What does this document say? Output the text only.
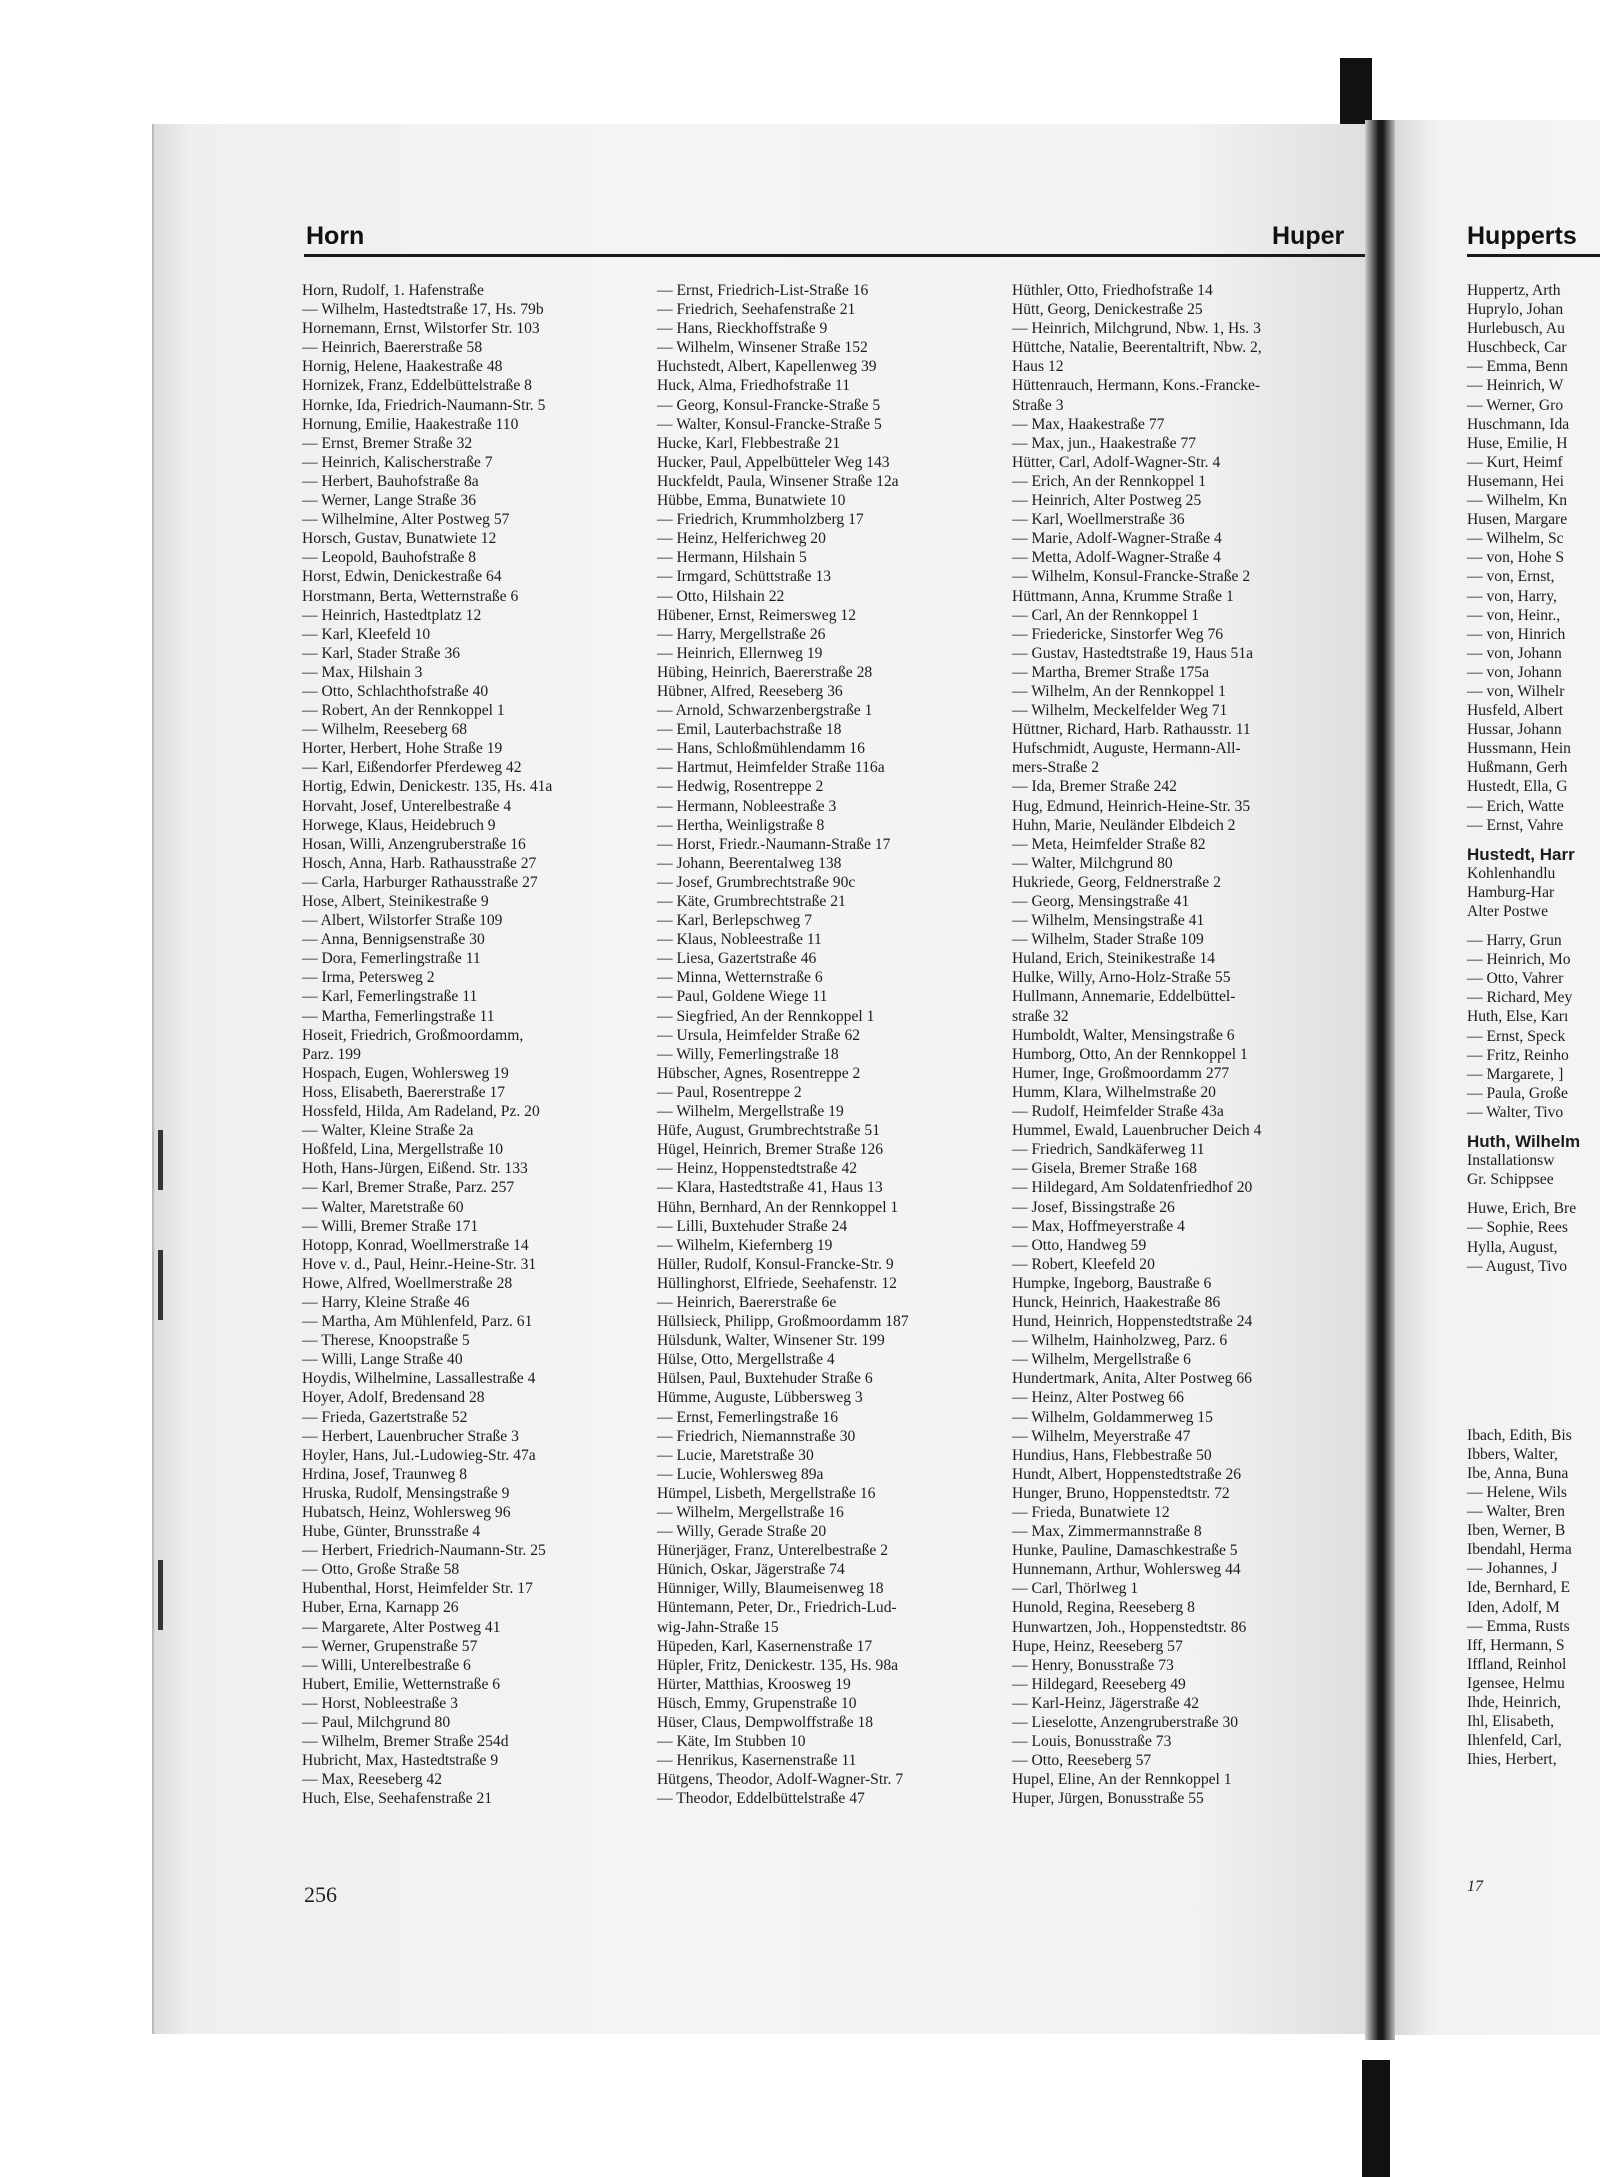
Horn	Huper
Horn, Rudolf, 1. Hafenstraße
— Wilhelm, Hastedtstraße 17, Hs. 79b
Hornemann, Ernst, Wilstorfer Str. 103
— Heinrich, Baererstraße 58
Hornig, Helene, Haakestraße 48
Hornizek, Franz, Eddelbüttelstraße 8
Hornke, Ida, Friedrich-Naumann-Str. 5
Hornung, Emilie, Haakestraße 110
— Ernst, Bremer Straße 32
— Heinrich, Kalischerstraße 7
— Herbert, Bauhofstraße 8a
— Werner, Lange Straße 36
— Wilhelmine, Alter Postweg 57
Horsch, Gustav, Bunatwiete 12
— Leopold, Bauhofstraße 8
Horst, Edwin, Denickestraße 64
Horstmann, Berta, Wetternstraße 6
— Heinrich, Hastedtplatz 12
— Karl, Kleefeld 10
— Karl, Stader Straße 36
— Max, Hilshain 3
— Otto, Schlachthofstraße 40
— Robert, An der Rennkoppel 1
— Wilhelm, Reeseberg 68
Horter, Herbert, Hohe Straße 19
— Karl, Eißendorfer Pferdeweg 42
Hortig, Edwin, Denickestr. 135, Hs. 41a
Horvaht, Josef, Unterelbestraße 4
Horwege, Klaus, Heidebruch 9
Hosan, Willi, Anzengruberstraße 16
Hosch, Anna, Harb. Rathausstraße 27
— Carla, Harburger Rathausstraße 27
Hose, Albert, Steinikestraße 9
— Albert, Wilstorfer Straße 109
— Anna, Bennigsenstraße 30
— Dora, Femerlingstraße 11
— Irma, Petersweg 2
— Karl, Femerlingstraße 11
— Martha, Femerlingstraße 11
Hoseit, Friedrich, Großmoordamm,
Parz. 199
Hospach, Eugen, Wohlersweg 19
Hoss, Elisabeth, Baererstraße 17
Hossfeld, Hilda, Am Radeland, Pz. 20
— Walter, Kleine Straße 2a
Hoßfeld, Lina, Mergellstraße 10
Hoth, Hans-Jürgen, Eißend. Str. 133
— Karl, Bremer Straße, Parz. 257
— Walter, Maretstraße 60
— Willi, Bremer Straße 171
Hotopp, Konrad, Woellmerstraße 14
Hove v. d., Paul, Heinr.-Heine-Str. 31
Howe, Alfred, Woellmerstraße 28
— Harry, Kleine Straße 46
— Martha, Am Mühlenfeld, Parz. 61
— Therese, Knoopstraße 5
— Willi, Lange Straße 40
Hoydis, Wilhelmine, Lassallestraße 4
Hoyer, Adolf, Bredensand 28
— Frieda, Gazertstraße 52
— Herbert, Lauenbrucher Straße 3
Hoyler, Hans, Jul.-Ludowieg-Str. 47a
Hrdina, Josef, Traunweg 8
Hruska, Rudolf, Mensingstraße 9
Hubatsch, Heinz, Wohlersweg 96
Hube, Günter, Brunsstraße 4
— Herbert, Friedrich-Naumann-Str. 25
— Otto, Große Straße 58
Hubenthal, Horst, Heimfelder Str. 17
Huber, Erna, Karnapp 26
— Margarete, Alter Postweg 41
— Werner, Grupenstraße 57
— Willi, Unterelbestraße 6
Hubert, Emilie, Wetternstraße 6
— Horst, Nobleestraße 3
— Paul, Milchgrund 80
— Wilhelm, Bremer Straße 254d
Hubricht, Max, Hastedtstraße 9
— Max, Reeseberg 42
Huch, Else, Seehafenstraße 21
— Ernst, Friedrich-List-Straße 16
— Friedrich, Seehafenstraße 21
— Hans, Rieckhoffstraße 9
— Wilhelm, Winsener Straße 152
Huchstedt, Albert, Kapellenweg 39
Huck, Alma, Friedhofstraße 11
— Georg, Konsul-Francke-Straße 5
— Walter, Konsul-Francke-Straße 5
Hucke, Karl, Flebbestraße 21
Hucker, Paul, Appelbütteler Weg 143
Huckfeldt, Paula, Winsener Straße 12a
Hübbe, Emma, Bunatwiete 10
— Friedrich, Krummholzberg 17
— Heinz, Helferichweg 20
— Hermann, Hilshain 5
— Irmgard, Schüttstraße 13
— Otto, Hilshain 22
Hübener, Ernst, Reimersweg 12
— Harry, Mergellstraße 26
— Heinrich, Ellernweg 19
Hübing, Heinrich, Baererstraße 28
Hübner, Alfred, Reeseberg 36
— Arnold, Schwarzenbergstraße 1
— Emil, Lauterbachstraße 18
— Hans, Schloßmühlendamm 16
— Hartmut, Heimfelder Straße 116a
— Hedwig, Rosentreppe 2
— Hermann, Nobleestraße 3
— Hertha, Weinligstraße 8
— Horst, Friedr.-Naumann-Straße 17
— Johann, Beerentalweg 138
— Josef, Grumbrechtstraße 90c
— Käte, Grumbrechtstraße 21
— Karl, Berlepschweg 7
— Klaus, Nobleestraße 11
— Liesa, Gazertstraße 46
— Minna, Wetternstraße 6
— Paul, Goldene Wiege 11
— Siegfried, An der Rennkoppel 1
— Ursula, Heimfelder Straße 62
— Willy, Femerlingstraße 18
Hübscher, Agnes, Rosentreppe 2
— Paul, Rosentreppe 2
— Wilhelm, Mergellstraße 19
Hüfe, August, Grumbrechtstraße 51
Hügel, Heinrich, Bremer Straße 126
— Heinz, Hoppenstedtstraße 42
— Klara, Hastedtstraße 41, Haus 13
Hühn, Bernhard, An der Rennkoppel 1
— Lilli, Buxtehuder Straße 24
— Wilhelm, Kiefernberg 19
Hüller, Rudolf, Konsul-Francke-Str. 9
Hüllinghorst, Elfriede, Seehafenstr. 12
— Heinrich, Baererstraße 6e
Hüllsieck, Philipp, Großmoordamm 187
Hülsdunk, Walter, Winsener Str. 199
Hülse, Otto, Mergellstraße 4
Hülsen, Paul, Buxtehuder Straße 6
Hümme, Auguste, Lübbersweg 3
— Ernst, Femerlingstraße 16
— Friedrich, Niemannstraße 30
— Lucie, Maretstraße 30
— Lucie, Wohlersweg 89a
Hümpel, Lisbeth, Mergellstraße 16
— Wilhelm, Mergellstraße 16
— Willy, Gerade Straße 20
Hünerjäger, Franz, Unterelbestraße 2
Hünich, Oskar, Jägerstraße 74
Hünniger, Willy, Blaumeisenweg 18
Hüntemann, Peter, Dr., Friedrich-Lud-
wig-Jahn-Straße 15
Hüpeden, Karl, Kasernenstraße 17
Hüpler, Fritz, Denickestr. 135, Hs. 98a
Hürter, Matthias, Kroosweg 19
Hüsch, Emmy, Grupenstraße 10
Hüser, Claus, Dempwolffstraße 18
— Käte, Im Stubben 10
— Henrikus, Kasernenstraße 11
Hütgens, Theodor, Adolf-Wagner-Str. 7
— Theodor, Eddelbüttelstraße 47
Hüthler, Otto, Friedhofstraße 14
Hütt, Georg, Denickestraße 25
— Heinrich, Milchgrund, Nbw. 1, Hs. 3
Hüttche, Natalie, Beerentaltrift, Nbw. 2,
Haus 12
Hüttenrauch, Hermann, Kons.-Francke-
Straße 3
— Max, Haakestraße 77
— Max, jun., Haakestraße 77
Hütter, Carl, Adolf-Wagner-Str. 4
— Erich, An der Rennkoppel 1
— Heinrich, Alter Postweg 25
— Karl, Woellmerstraße 36
— Marie, Adolf-Wagner-Straße 4
— Metta, Adolf-Wagner-Straße 4
— Wilhelm, Konsul-Francke-Straße 2
Hüttmann, Anna, Krumme Straße 1
— Carl, An der Rennkoppel 1
— Friedericke, Sinstorfer Weg 76
— Gustav, Hastedtstraße 19, Haus 51a
— Martha, Bremer Straße 175a
— Wilhelm, An der Rennkoppel 1
— Wilhelm, Meckelfelder Weg 71
Hüttner, Richard, Harb. Rathausstr. 11
Hufschmidt, Auguste, Hermann-All-
mers-Straße 2
— Ida, Bremer Straße 242
Hug, Edmund, Heinrich-Heine-Str. 35
Huhn, Marie, Neuländer Elbdeich 2
— Meta, Heimfelder Straße 82
— Walter, Milchgrund 80
Hukriede, Georg, Feldnerstraße 2
— Georg, Mensingstraße 41
— Wilhelm, Mensingstraße 41
— Wilhelm, Stader Straße 109
Huland, Erich, Steinikestraße 14
Hulke, Willy, Arno-Holz-Straße 55
Hullmann, Annemarie, Eddelbüttel-
straße 32
Humboldt, Walter, Mensingstraße 6
Humborg, Otto, An der Rennkoppel 1
Humer, Inge, Großmoordamm 277
Humm, Klara, Wilhelmstraße 20
— Rudolf, Heimfelder Straße 43a
Hummel, Ewald, Lauenbrucher Deich 4
— Friedrich, Sandkäferweg 11
— Gisela, Bremer Straße 168
— Hildegard, Am Soldatenfriedhof 20
— Josef, Bissingstraße 26
— Max, Hoffmeyerstraße 4
— Otto, Handweg 59
— Robert, Kleefeld 20
Humpke, Ingeborg, Baustraße 6
Hunck, Heinrich, Haakestraße 86
Hund, Heinrich, Hoppenstedtstraße 24
— Wilhelm, Hainholzweg, Parz. 6
— Wilhelm, Mergellstraße 6
Hundertmark, Anita, Alter Postweg 66
— Heinz, Alter Postweg 66
— Wilhelm, Goldammerweg 15
— Wilhelm, Meyerstraße 47
Hundius, Hans, Flebbestraße 50
Hundt, Albert, Hoppenstedtstraße 26
Hunger, Bruno, Hoppenstedtstr. 72
— Frieda, Bunatwiete 12
— Max, Zimmermannstraße 8
Hunke, Pauline, Damaschkestraße 5
Hunnemann, Arthur, Wohlersweg 44
— Carl, Thörlweg 1
Hunold, Regina, Reeseberg 8
Hunwartzen, Joh., Hoppenstedtstr. 86
Hupe, Heinz, Reeseberg 57
— Henry, Bonusstraße 73
— Hildegard, Reeseberg 49
— Karl-Heinz, Jägerstraße 42
— Lieselotte, Anzengruberstraße 30
— Louis, Bonusstraße 73
— Otto, Reeseberg 57
Hupel, Eline, An der Rennkoppel 1
Huper, Jürgen, Bonusstraße 55
256
Hupperts
Huppertz, Arth
Huprylo, Johan
Hurlebusch, Au
Huschbeck, Car
— Emma, Benn
— Heinrich, W
— Werner, Gro
Huschmann, Ida
Huse, Emilie, H
— Kurt, Heimf
Husemann, Hei
— Wilhelm, Kn
Husen, Margare
— Wilhelm, Sc
— von, Hohe S
— von, Ernst,
— von, Harry,
— von, Heinr.,
— von, Hinrich
— von, Johann
— von, Johann
— von, Wilhelr
Husfeld, Albert
Hussar, Johann
Hussmann, Hein
Hußmann, Gerh
Hustedt, Ella, G
— Erich, Watte
— Ernst, Vahre
Hustedt, Harr
Kohlenhandlu
Hamburg-Har
Alter Postwe
— Harry, Grun
— Heinrich, Mo
— Otto, Vahrer
— Richard, Mey
Huth, Else, Karı
— Ernst, Speck
— Fritz, Reinho
— Margarete, ]
— Paula, Große
— Walter, Tivo
Huth, Wilhelm
Installationsw
Gr. Schippsee
Huwe, Erich, Bre
— Sophie, Rees
Hylla, August,
— August, Tivo
Ibach, Edith, Bis
Ibbers, Walter,
Ibe, Anna, Buna
— Helene, Wils
— Walter, Bren
Iben, Werner, B
Ibendahl, Herma
— Johannes, J
Ide, Bernhard, E
Iden, Adolf, M
— Emma, Rusts
Iff, Hermann, S
Iffland, Reinhol
Igensee, Helmu
Ihde, Heinrich,
Ihl, Elisabeth,
Ihlenfeld, Carl,
Ihies, Herbert,
17
